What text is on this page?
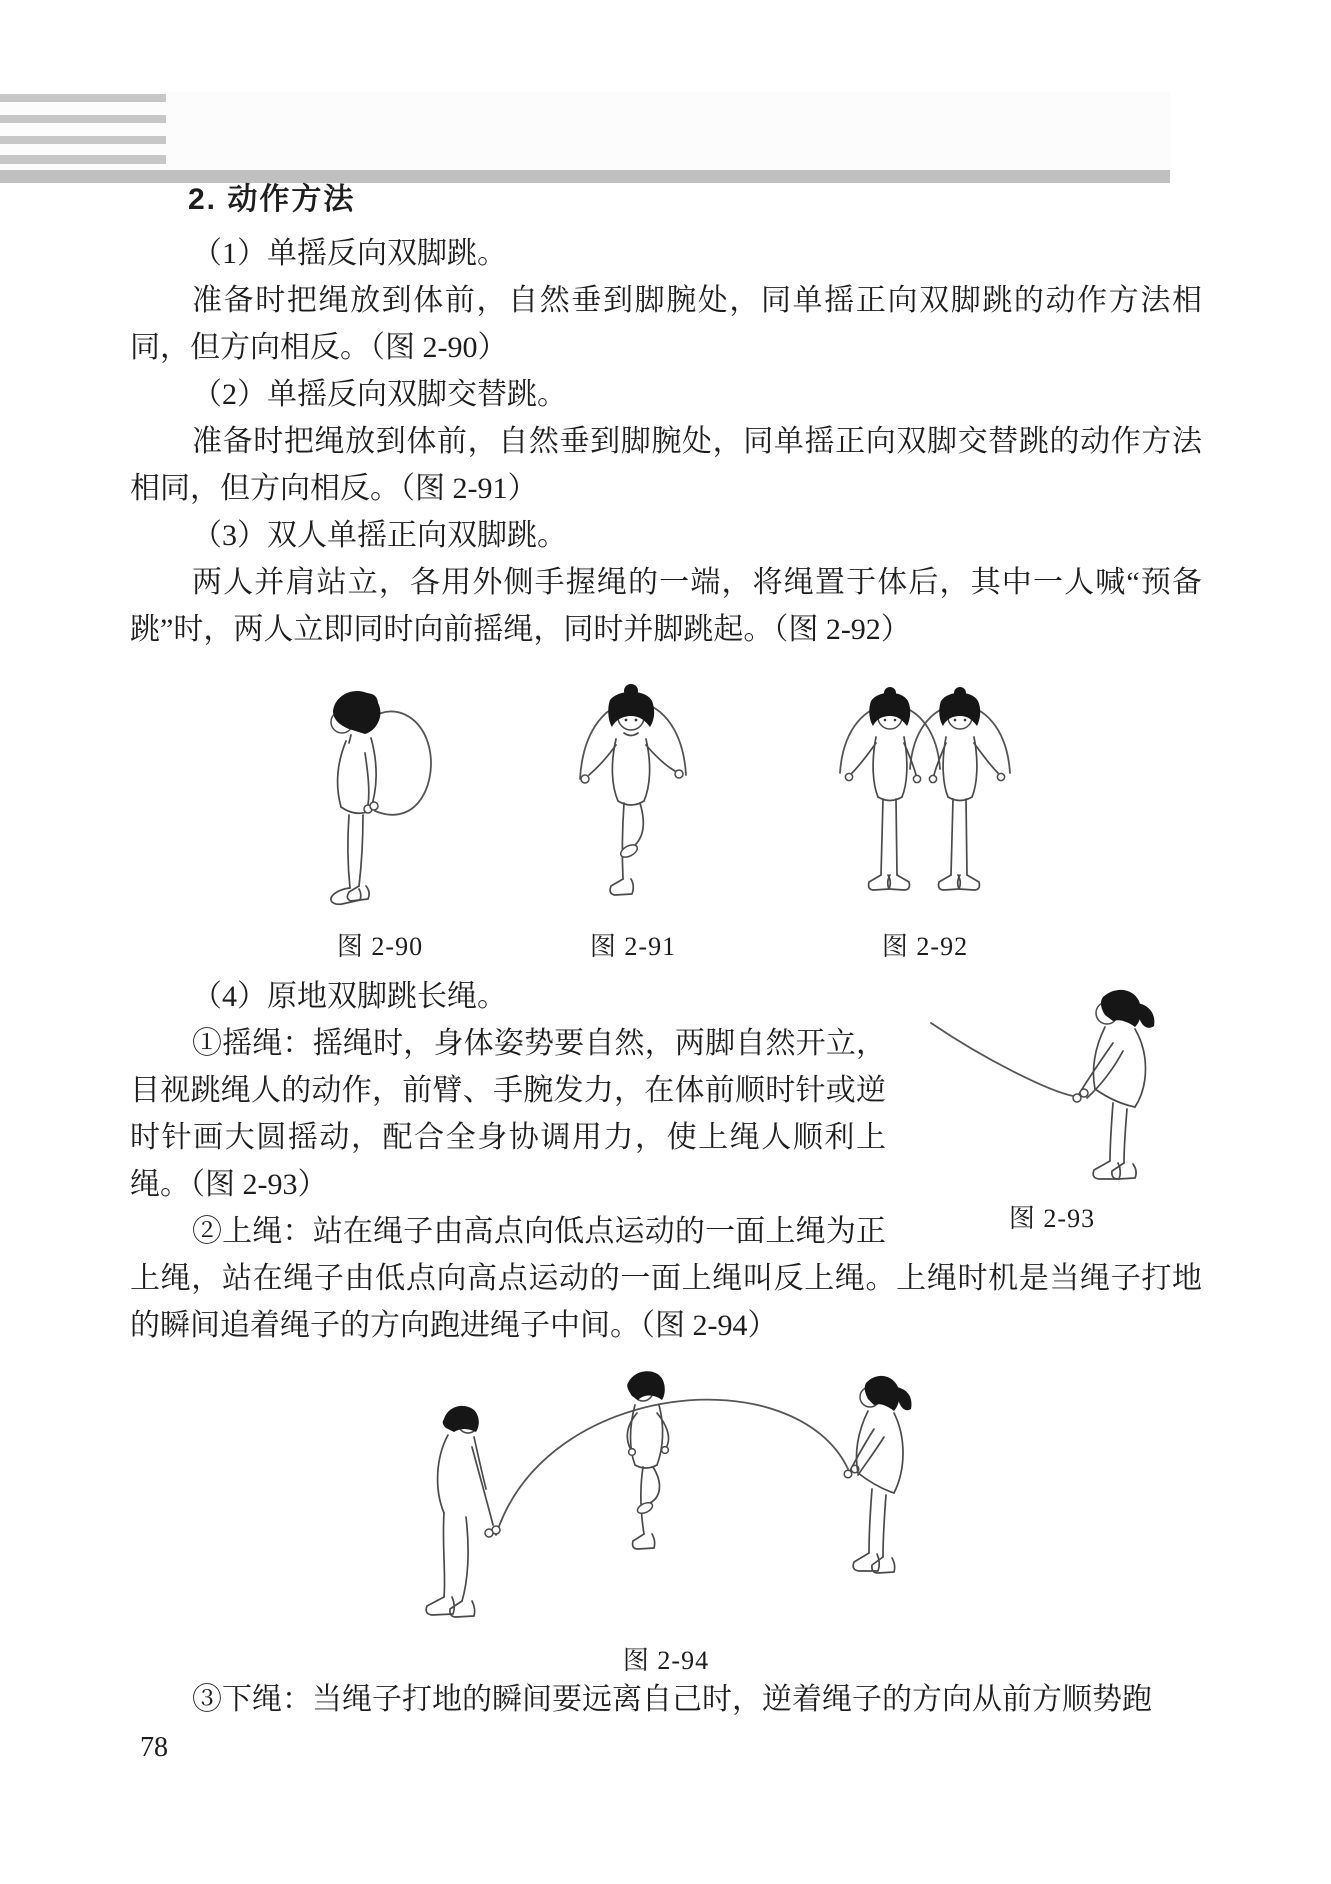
2. 动作方法

（1）单摇反向双脚跳。

准备时把绳放到体前，自然垂到脚腕处，同单摇正向双脚跳的动作方法相同，但方向相反。（图 2-90）

（2）单摇反向双脚交替跳。

准备时把绳放到体前，自然垂到脚腕处，同单摇正向双脚交替跳的动作方法相同，但方向相反。（图 2-91）

（3）双人单摇正向双脚跳。

两人并肩站立，各用外侧手握绳的一端，将绳置于体后，其中一人喊“预备跳”时，两人立即同时向前摇绳，同时并脚跳起。（图 2-92）

图 2-90	图 2-91	图 2-92
图 2-93

（4）原地双脚跳长绳。

①摇绳：摇绳时，身体姿势要自然，两脚自然开立，目视跳绳人的动作，前臂、手腕发力，在体前顺时针或逆时针画大圆摇动，配合全身协调用力，使上绳人顺利上绳。（图 2-93）

②上绳：站在绳子由高点向低点运动的一面上绳为正上绳，站在绳子由低点向高点运动的一面上绳叫反上绳。上绳时机是当绳子打地的瞬间追着绳子的方向跑进绳子中间。（图 2-94）

图 2-94

③下绳：当绳子打地的瞬间要远离自己时，逆着绳子的方向从前方顺势跑

78
